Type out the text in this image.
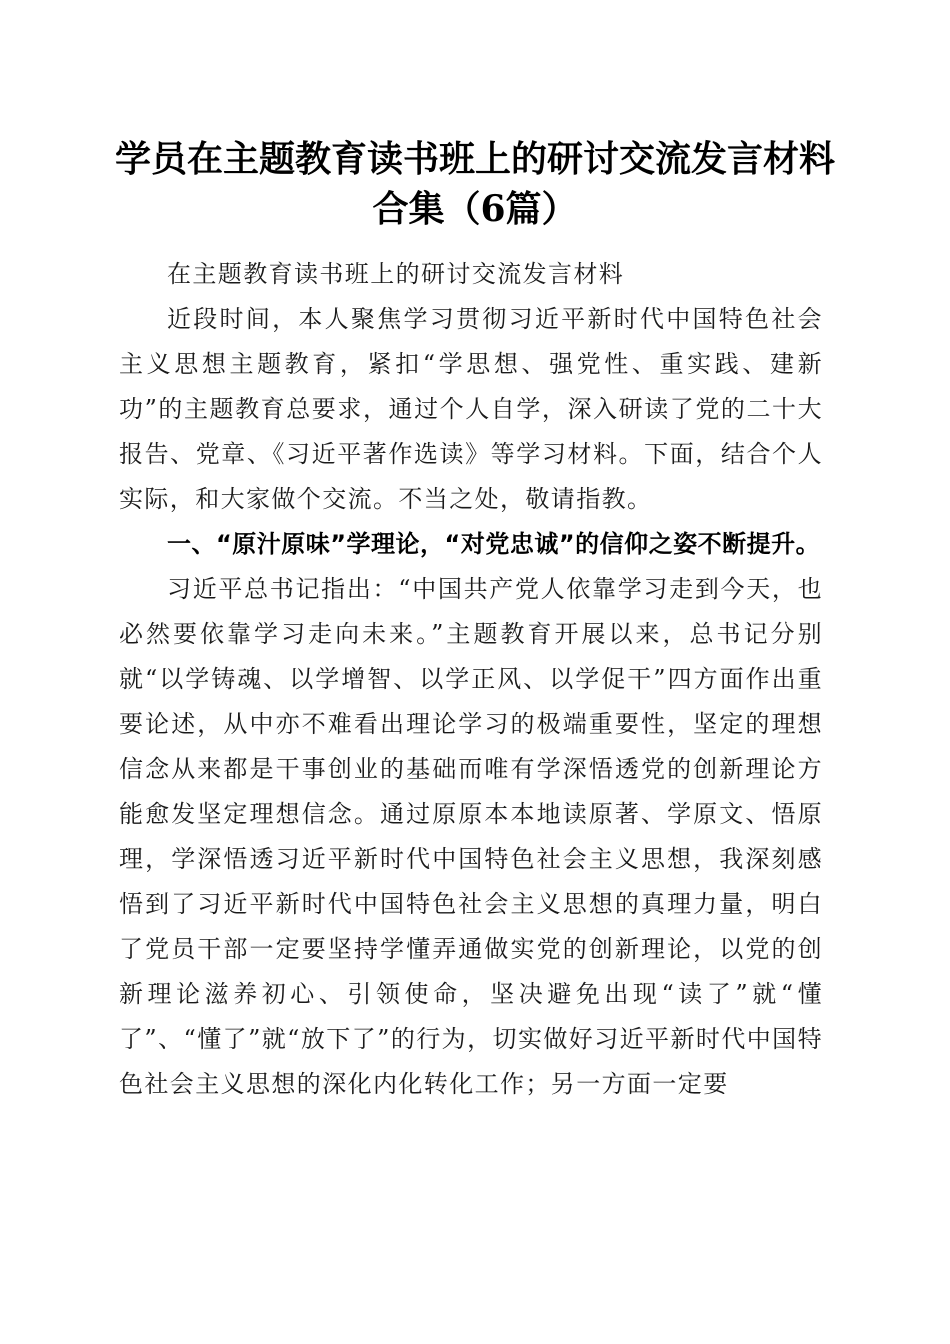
学员在主题教育读书班上的研讨交流发言材料
合集（6篇）

在主题教育读书班上的研讨交流发言材料

近段时间，本人聚焦学习贯彻习近平新时代中国特色社会主义思想主题教育，紧扣“学思想、强党性、重实践、建新功”的主题教育总要求，通过个人自学，深入研读了党的二十大报告、党章、《习近平著作选读》等学习材料。下面，结合个人实际，和大家做个交流。不当之处，敬请指教。

一、“原汁原味”学理论，“对党忠诚”的信仰之姿不断提升。

习近平总书记指出：“中国共产党人依靠学习走到今天，也必然要依靠学习走向未来。”主题教育开展以来，总书记分别就“以学铸魂、以学增智、以学正风、以学促干”四方面作出重要论述，从中亦不难看出理论学习的极端重要性，坚定的理想信念从来都是干事创业的基础而唯有学深悟透党的创新理论方能愈发坚定理想信念。通过原原本本地读原著、学原文、悟原理，学深悟透习近平新时代中国特色社会主义思想，我深刻感悟到了习近平新时代中国特色社会主义思想的真理力量，明白了党员干部一定要坚持学懂弄通做实党的创新理论，以党的创新理论滋养初心、引领使命，坚决避免出现“读了”就“懂了”、“懂了”就“放下了”的行为，切实做好习近平新时代中国特色社会主义思想的深化内化转化工作；另一方面一定要
